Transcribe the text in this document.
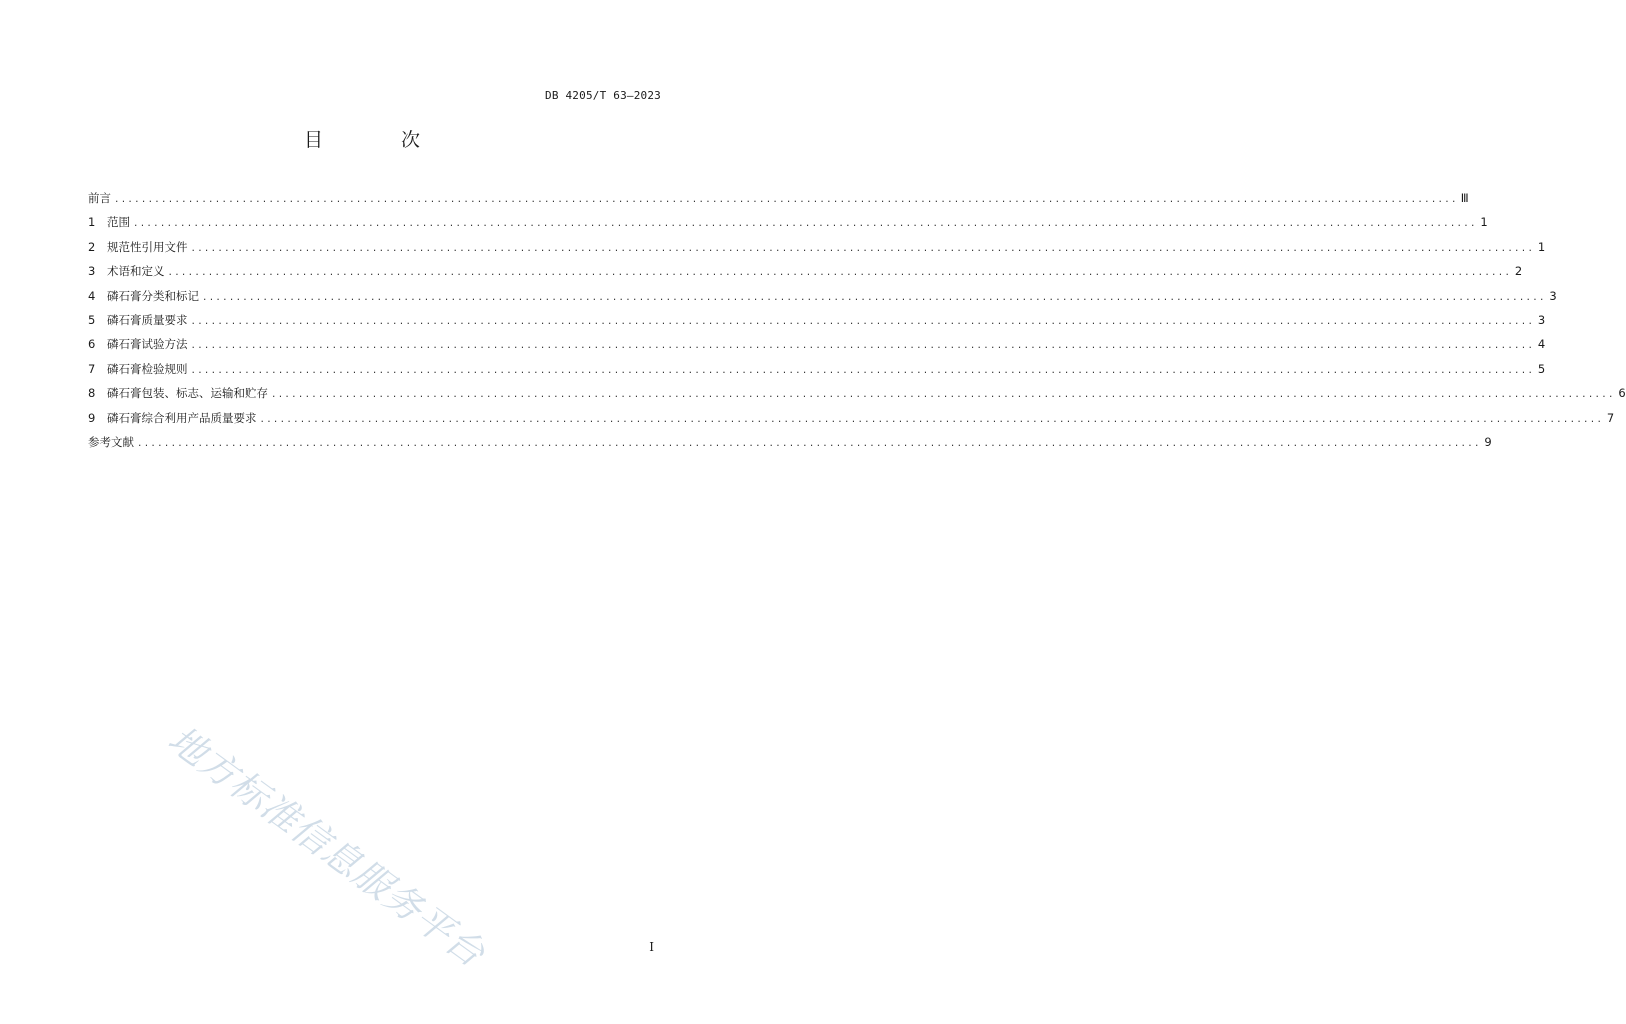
DB 4205/T 63—2023
目 次
前言 ........................................................................................................................................................................................................ Ⅲ
1	范围 ........................................................................................................................................................................................................ 1
2	规范性引用文件 ........................................................................................................................................................................................................ 1
3	术语和定义 ........................................................................................................................................................................................................ 2
4	磷石膏分类和标记 ........................................................................................................................................................................................................ 3
5	磷石膏质量要求 ........................................................................................................................................................................................................ 3
6	磷石膏试验方法 ........................................................................................................................................................................................................ 4
7	磷石膏检验规则 ........................................................................................................................................................................................................ 5
8	磷石膏包装、标志、运输和贮存 ........................................................................................................................................................................................................ 6
9	磷石膏综合利用产品质量要求 ........................................................................................................................................................................................................ 7
参考文献 ........................................................................................................................................................................................................ 9
地方标准信息服务平台	I
